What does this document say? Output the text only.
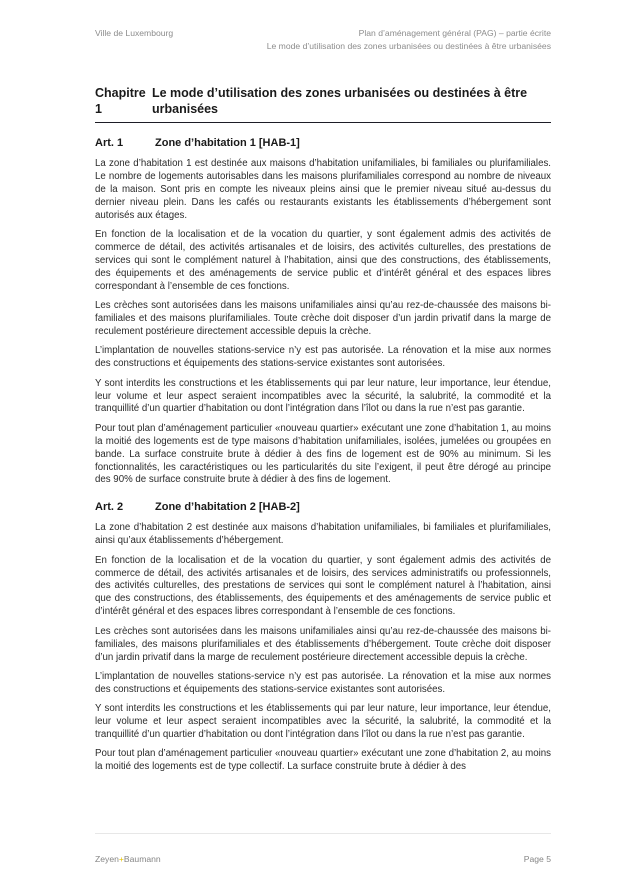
Ville de Luxembourg	Plan d’aménagement général (PAG) – partie écrite
Le mode d’utilisation des zones urbanisées ou destinées à être urbanisées
Chapitre 1
Le mode d’utilisation des zones urbanisées ou destinées à être urbanisées
Art. 1	Zone d’habitation 1 [HAB-1]

La zone d’habitation 1 est destinée aux maisons d’habitation unifamiliales, bi familiales ou plurifamiliales. Le nombre de logements autorisables dans les maisons plurifamiliales correspond au nombre de niveaux de la maison. Sont pris en compte les niveaux pleins ainsi que le premier niveau situé au-dessus du dernier niveau plein. Dans les cafés ou restaurants existants les établissements d’hébergement sont autorisés aux étages.

En fonction de la localisation et de la vocation du quartier, y sont également admis des activités de commerce de détail, des activités artisanales et de loisirs, des activités culturelles, des prestations de services qui sont le complément naturel à l’habitation, ainsi que des constructions, des établissements, des équipements et des aménagements de service public et d’intérêt général et des espaces libres correspondant à l’ensemble de ces fonctions.

Les crèches sont autorisées dans les maisons unifamiliales ainsi qu’au rez-de-chaussée des maisons bi-familiales et des maisons plurifamiliales. Toute crèche doit disposer d’un jardin privatif dans la marge de reculement postérieure directement accessible depuis la crèche.

L’implantation de nouvelles stations-service n’y est pas autorisée. La rénovation et la mise aux normes des constructions et équipements des stations-service existantes sont autorisées.

Y sont interdits les constructions et les établissements qui par leur nature, leur importance, leur étendue, leur volume et leur aspect seraient incompatibles avec la sécurité, la salubrité, la commodité et la tranquillité d’un quartier d’habitation ou dont l’intégration dans l’îlot ou dans la rue n’est pas garantie.

Pour tout plan d’aménagement particulier «nouveau quartier» exécutant une zone d’habitation 1, au moins la moitié des logements est de type maisons d’habitation unifamiliales, isolées, jumelées ou groupées en bande. La surface construite brute à dédier à des fins de logement est de 90% au minimum. Si les fonctionnalités, les caractéristiques ou les particularités du site l’exigent, il peut être dérogé au principe des 90% de surface construite brute à dédier à des fins de logement.

Art. 2	Zone d’habitation 2 [HAB-2]

La zone d’habitation 2 est destinée aux maisons d’habitation unifamiliales, bi familiales et plurifamiliales, ainsi qu’aux établissements d’hébergement.

En fonction de la localisation et de la vocation du quartier, y sont également admis des activités de commerce de détail, des activités artisanales et de loisirs, des services administratifs ou professionnels, des activités culturelles, des prestations de services qui sont le complément naturel à l’habitation, ainsi que des constructions, des établissements, des équipements et des aménagements de service public et d’intérêt général et des espaces libres correspondant à l’ensemble de ces fonctions.

Les crèches sont autorisées dans les maisons unifamiliales ainsi qu’au rez-de-chaussée des maisons bi-familiales, des maisons plurifamiliales et des établissements d’hébergement. Toute crèche doit disposer d’un jardin privatif dans la marge de reculement postérieure directement accessible depuis la crèche.

L’implantation de nouvelles stations-service n’y est pas autorisée. La rénovation et la mise aux normes des constructions et équipements des stations-service existantes sont autorisées.

Y sont interdits les constructions et les établissements qui par leur nature, leur importance, leur étendue, leur volume et leur aspect seraient incompatibles avec la sécurité, la salubrité, la commodité et la tranquillité d’un quartier d’habitation ou dont l’intégration dans l’îlot ou dans la rue n’est pas garantie.

Pour tout plan d’aménagement particulier «nouveau quartier» exécutant une zone d’habitation 2, au moins la moitié des logements est de type collectif. La surface construite brute à dédier à des

Zeyen+Baumann	Page 5
